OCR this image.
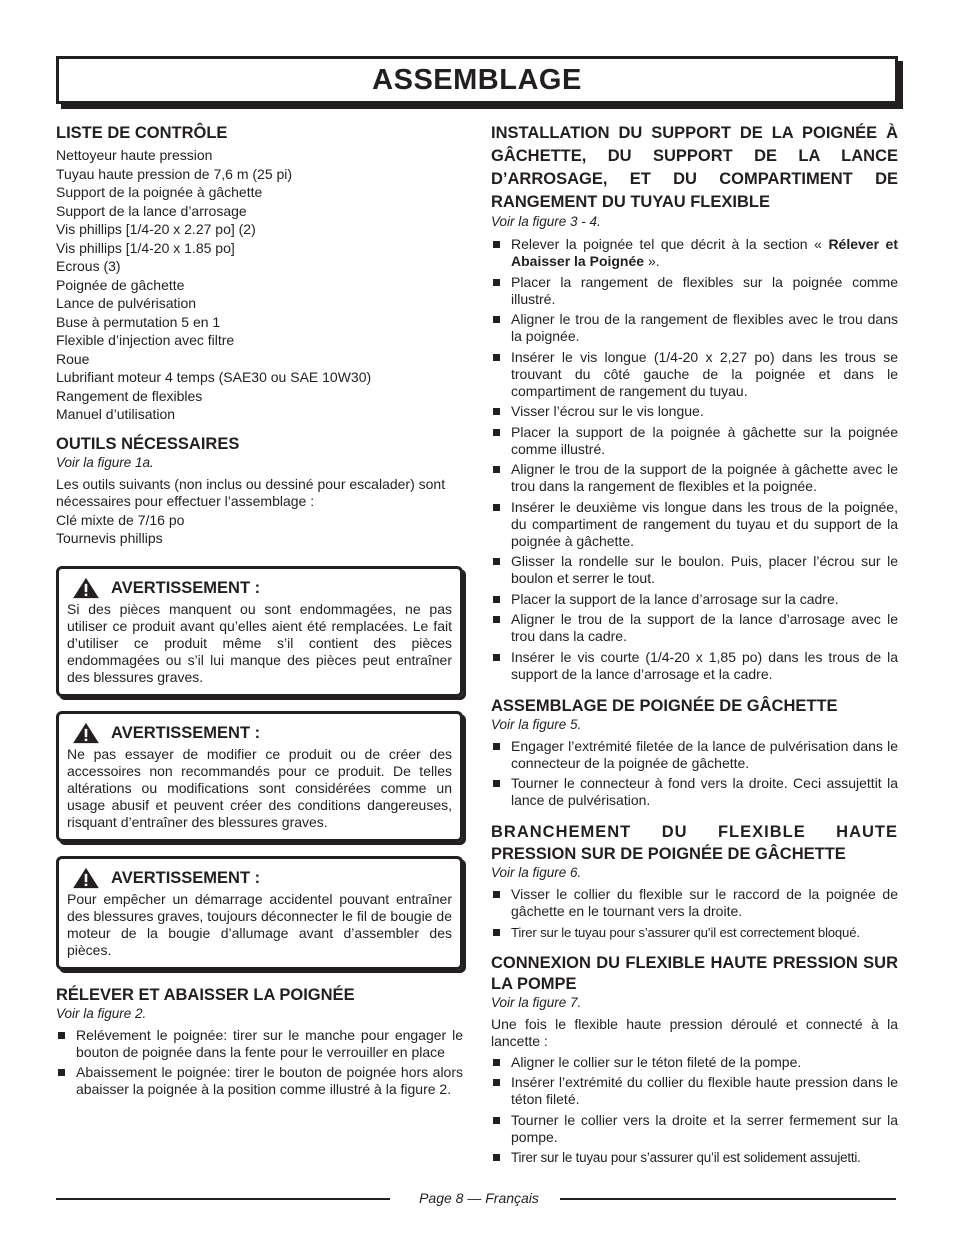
ASSEMBLAGE
LISTE DE CONTRÔLE

Nettoyeur haute pression

Tuyau haute pression de 7,6 m (25 pi)

Support de la poignée à gâchette

Support de la lance d’arrosage

Vis phillips [1/4-20 x 2.27 po] (2)

Vis phillips [1/4-20 x 1.85 po]

Ecrous (3)

Poignée de gâchette

Lance de pulvérisation

Buse à permutation 5 en 1

Flexible d’injection avec filtre

Roue

Lubrifiant moteur 4 temps (SAE30 ou SAE 10W30)

Rangement de flexibles

Manuel d’utilisation

OUTILS NÉCESSAIRES

Voir la figure 1a.

Les outils suivants (non inclus ou dessiné pour escalader) sont nécessaires pour effectuer l’assemblage :

Clé mixte de 7/16 po

Tournevis phillips

AVERTISSEMENT :

Si des pièces manquent ou sont endommagées, ne pas utiliser ce produit avant qu’elles aient été remplacées. Le fait d’utiliser ce produit même s’il contient des pièces endommagées ou s’il lui manque des pièces peut entraîner des blessures graves.

AVERTISSEMENT :

Ne pas essayer de modifier ce produit ou de créer des accessoires non recommandés pour ce produit. De telles altérations ou modifications sont considérées comme un usage abusif et peuvent créer des conditions dangereuses, risquant d’entraîner des blessures graves.

AVERTISSEMENT :

Pour empêcher un démarrage accidentel pouvant entraîner des blessures graves, toujours déconnecter le fil de bougie de moteur de la bougie d’allumage avant d’assembler des pièces.

RÉLEVER ET ABAISSER LA POIGNÉE

Voir la figure 2.

Relévement le poignée: tirer sur le manche pour engager le bouton de poignée dans la fente pour le verrouiller en place
Abaissement le poignée: tirer le bouton de poignée hors alors abaisser la poignée à la position comme illustré à la figure 2.
INSTALLATION DU SUPPORT DE LA POIGNÉE À GÂCHETTE, DU SUPPORT DE LA LANCE D’ARROSAGE, ET DU COMPARTIMENT DE RANGEMENT DU TUYAU FLEXIBLE

Voir la figure 3 - 4.

Relever la poignée tel que décrit à la section « Rélever et Abaisser la Poignée ».
Placer la rangement de flexibles sur la poignée comme illustré.
Aligner le trou de la rangement de flexibles avec le trou dans la poignée.
Insérer le vis longue (1/4-20 x 2,27 po) dans les trous se trouvant du côté gauche de la poignée et dans le compartiment de rangement du tuyau.
Visser l’écrou sur le vis longue.
Placer la support de la poignée à gâchette sur la poignée comme illustré.
Aligner le trou de la support de la poignée à gâchette avec le trou dans la rangement de flexibles et la poignée.
Insérer le deuxième vis longue dans les trous de la poignée, du compartiment de rangement du tuyau et du support de la poignée à gâchette.
Glisser la rondelle sur le boulon. Puis, placer l’écrou sur le boulon et serrer le tout.
Placer la support de la lance d’arrosage sur la cadre.
Aligner le trou de la support de la lance d’arrosage avec le trou dans la cadre.
Insérer le vis courte (1/4-20 x 1,85 po) dans les trous de la support de la lance d’arrosage et la cadre.
ASSEMBLAGE DE POIGNÉE DE GÂCHETTE

Voir la figure 5.

Engager l’extrémité filetée de la lance de pulvérisation dans le connecteur de la poignée de gâchette.
Tourner le connecteur à fond vers la droite. Ceci assujettit la lance de pulvérisation.
BRANCHEMENT DU FLEXIBLE HAUTE
PRESSION SUR DE POIGNÉE DE GÂCHETTE

Voir la figure 6.

Visser le collier du flexible sur le raccord de la poignée de gâchette en le tournant vers la droite.
Tirer sur le tuyau pour s’assurer qu’il est correctement bloqué.
CONNEXION DU FLEXIBLE HAUTE PRESSION SUR LA POMPE

Voir la figure 7.

Une fois le flexible haute pression déroulé et connecté à la lancette :

Aligner le collier sur le téton fileté de la pompe.
Insérer l’extrémité du collier du flexible haute pression dans le téton fileté.
Tourner le collier vers la droite et la serrer fermement sur la pompe.
Tirer sur le tuyau pour s’assurer qu’il est solidement assujetti.
Page 8 — Français
